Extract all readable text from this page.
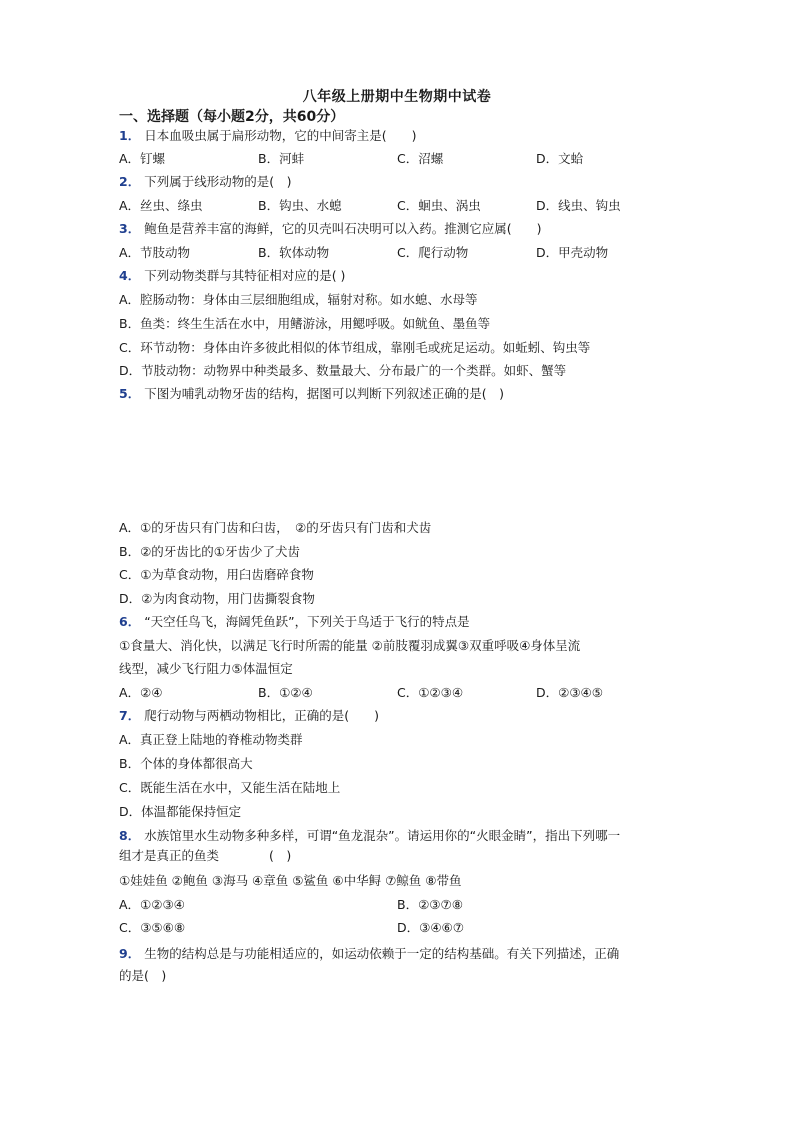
八年级上册期中生物期中试卷
一、选择题（每小题2分，共60分）
1． 日本血吸虫属于扁形动物，它的中间寄主是(　　)
A．钉螺	B．河蚌	C．沼螺	D．文蛤
2． 下列属于线形动物的是(　)
A．丝虫、绦虫	B．钩虫、水螅	C．蛔虫、涡虫	D．线虫、钩虫
3． 鲍鱼是营养丰富的海鲜，它的贝壳叫石决明可以入药。推测它应属(　　)
A．节肢动物	B．软体动物	C．爬行动物	D．甲壳动物
4． 下列动物类群与其特征相对应的是( )
A．腔肠动物：身体由三层细胞组成，辐射对称。如水螅、水母等
B．鱼类：终生生活在水中，用鳍游泳，用鳃呼吸。如鱿鱼、墨鱼等
C．环节动物：身体由许多彼此相似的体节组成，靠刚毛或疣足运动。如蚯蚓、钩虫等
D．节肢动物：动物界中种类最多、数量最大、分布最广的一个类群。如虾、蟹等
5． 下图为哺乳动物牙齿的结构，据图可以判断下列叙述正确的是(　)
A．①的牙齿只有门齿和臼齿，　②的牙齿只有门齿和犬齿
B．②的牙齿比的①牙齿少了犬齿
C．①为草食动物，用臼齿磨碎食物
D．②为肉食动物，用门齿撕裂食物
6． “天空任鸟飞，海阔凭鱼跃”，下列关于鸟适于飞行的特点是
①食量大、消化快，以满足飞行时所需的能量 ②前肢覆羽成翼③双重呼吸④身体呈流
线型，减少飞行阻力⑤体温恒定
A．②④	B．①②④	C．①②③④	D．②③④⑤
7． 爬行动物与两栖动物相比，正确的是(　　)
A．真正登上陆地的脊椎动物类群
B．个体的身体都很高大
C．既能生活在水中，又能生活在陆地上
D．体温都能保持恒定
8． 水族馆里水生动物多种多样，可谓“鱼龙混杂”。请运用你的“火眼金睛”，指出下列哪一
组才是真正的鱼类　　　　(　)
①娃娃鱼 ②鲍鱼 ③海马 ④章鱼 ⑤鲨鱼 ⑥中华鲟 ⑦鲸鱼 ⑧带鱼
A．①②③④	B．②③⑦⑧
C．③⑤⑥⑧	D．③④⑥⑦
9． 生物的结构总是与功能相适应的，如运动依赖于一定的结构基础。有关下列描述，正确
的是(　)
